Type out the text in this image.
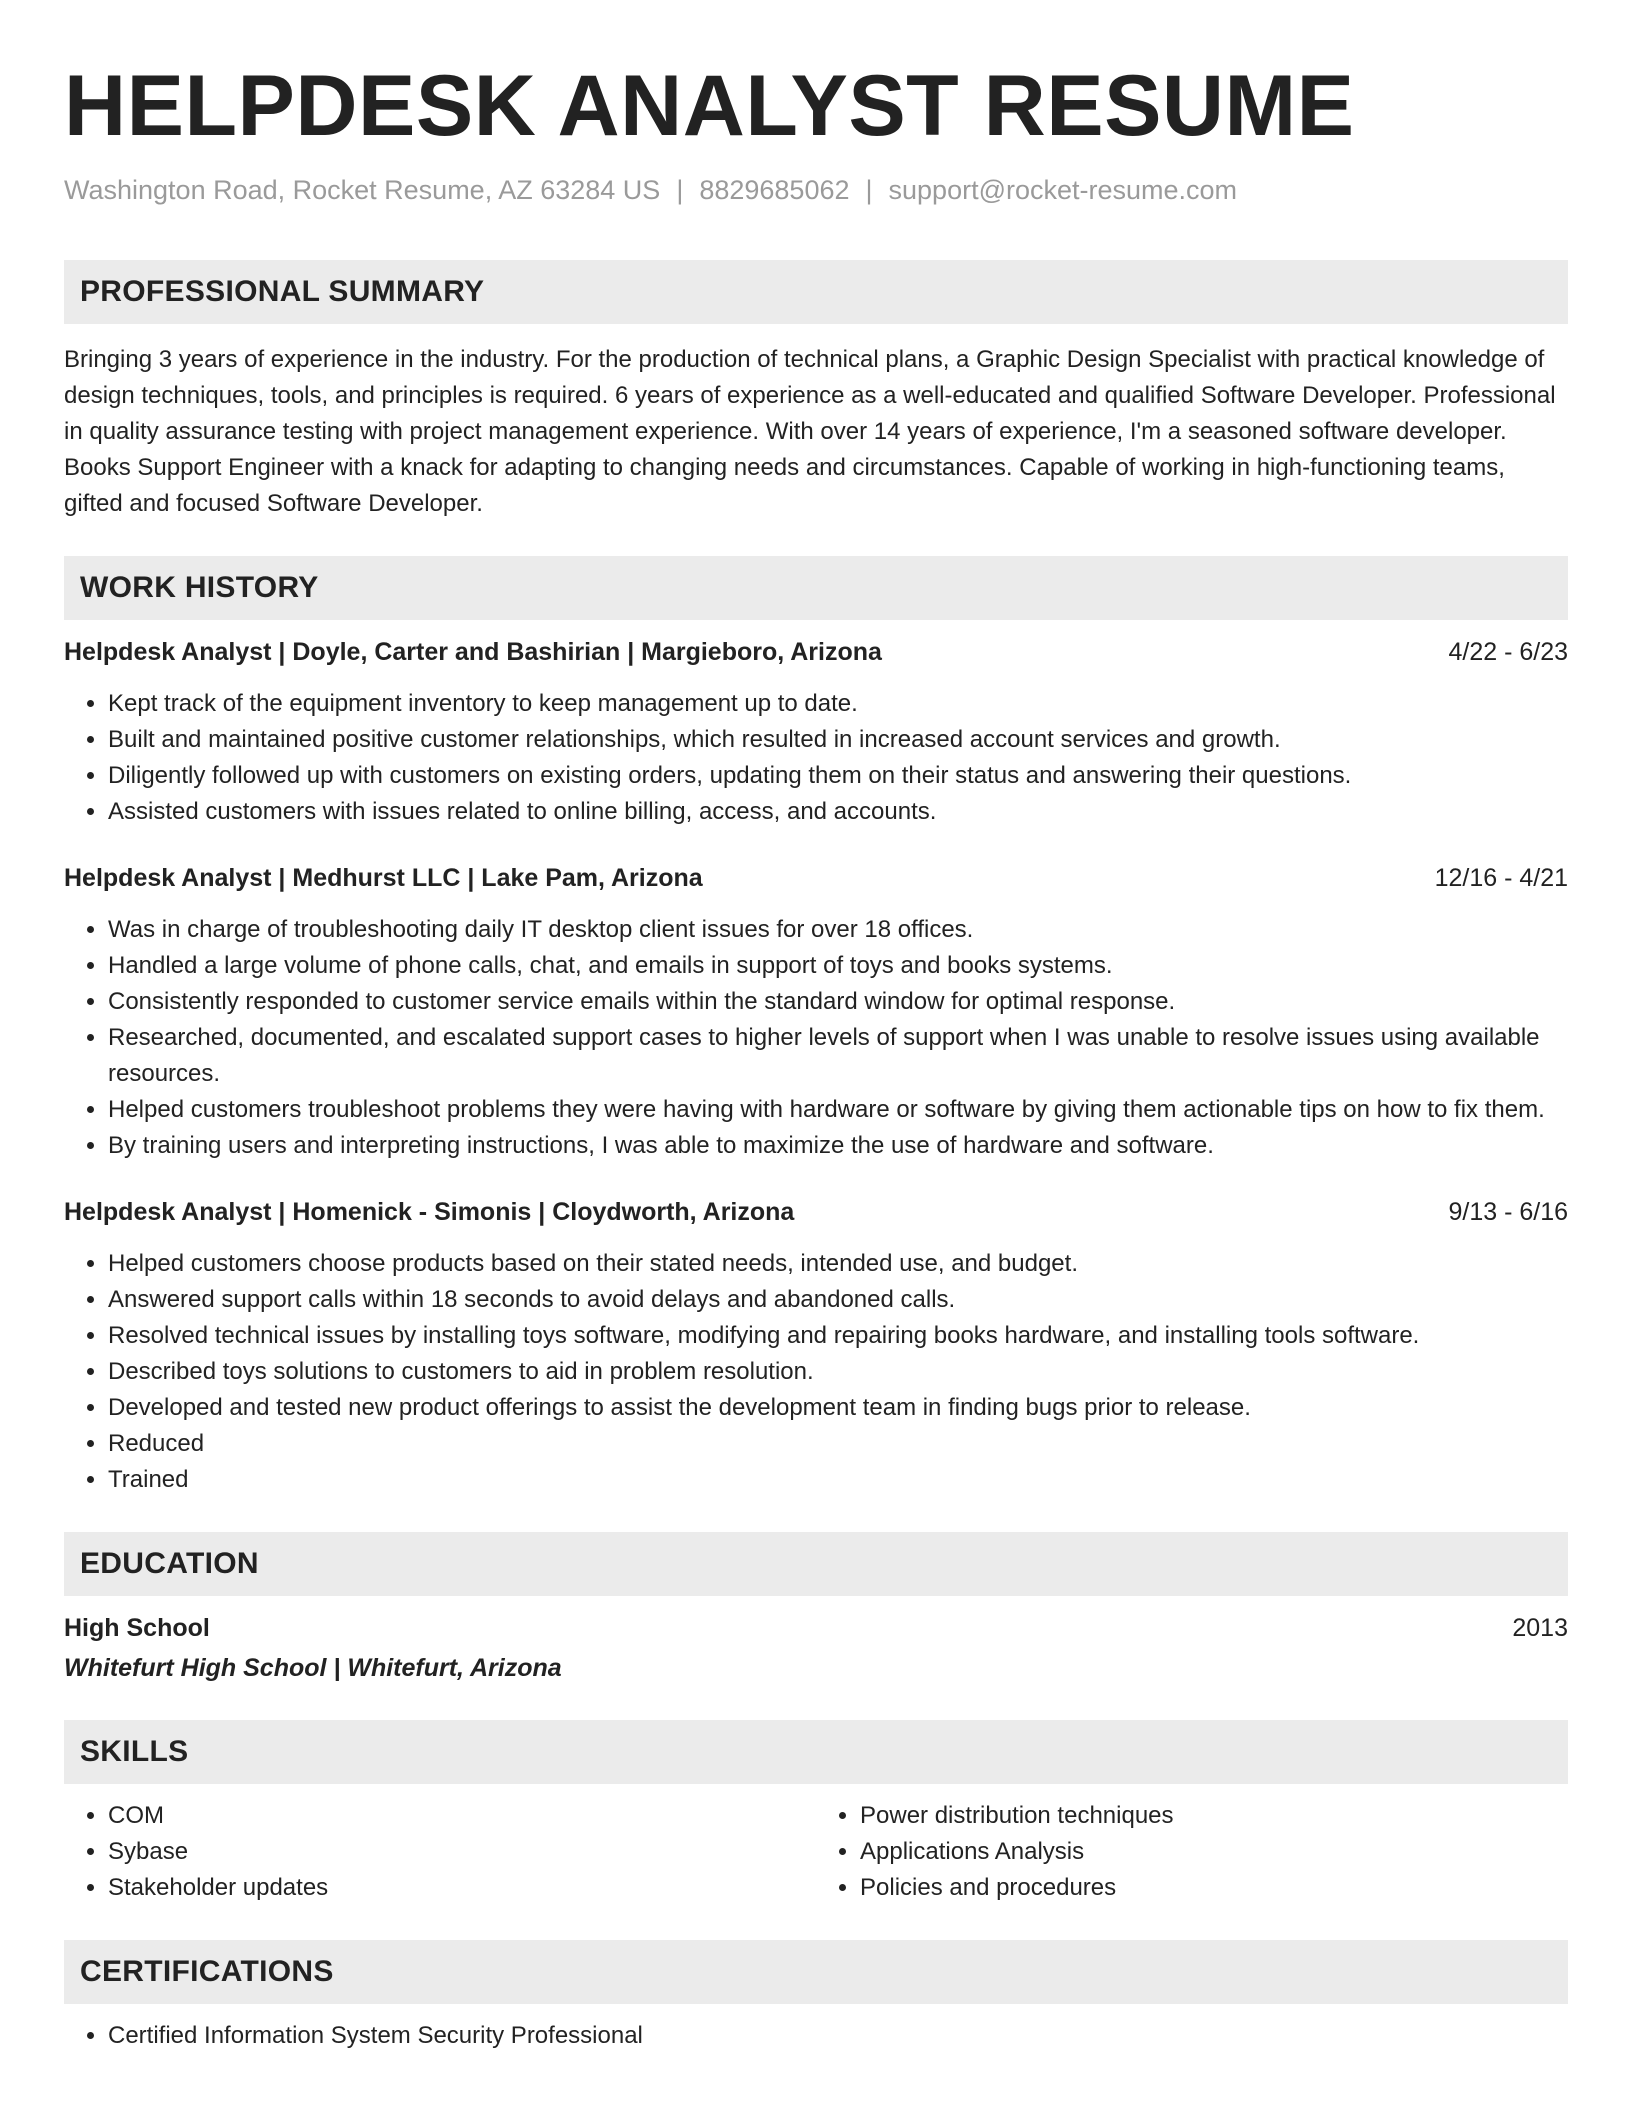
HELPDESK ANALYST RESUME
Washington Road, Rocket Resume, AZ 63284 US | 8829685062 | support@rocket-resume.com
PROFESSIONAL SUMMARY
Bringing 3 years of experience in the industry. For the production of technical plans, a Graphic Design Specialist with practical knowledge of design techniques, tools, and principles is required. 6 years of experience as a well-educated and qualified Software Developer. Professional in quality assurance testing with project management experience. With over 14 years of experience, I'm a seasoned software developer. Books Support Engineer with a knack for adapting to changing needs and circumstances. Capable of working in high-functioning teams, gifted and focused Software Developer.
WORK HISTORY
Helpdesk Analyst | Doyle, Carter and Bashirian | Margieboro, Arizona	4/22 - 6/23
• Kept track of the equipment inventory to keep management up to date.
• Built and maintained positive customer relationships, which resulted in increased account services and growth.
• Diligently followed up with customers on existing orders, updating them on their status and answering their questions.
• Assisted customers with issues related to online billing, access, and accounts.
Helpdesk Analyst | Medhurst LLC | Lake Pam, Arizona	12/16 - 4/21
• Was in charge of troubleshooting daily IT desktop client issues for over 18 offices.
• Handled a large volume of phone calls, chat, and emails in support of toys and books systems.
• Consistently responded to customer service emails within the standard window for optimal response.
• Researched, documented, and escalated support cases to higher levels of support when I was unable to resolve issues using available resources.
• Helped customers troubleshoot problems they were having with hardware or software by giving them actionable tips on how to fix them.
• By training users and interpreting instructions, I was able to maximize the use of hardware and software.
Helpdesk Analyst | Homenick - Simonis | Cloydworth, Arizona	9/13 - 6/16
• Helped customers choose products based on their stated needs, intended use, and budget.
• Answered support calls within 18 seconds to avoid delays and abandoned calls.
• Resolved technical issues by installing toys software, modifying and repairing books hardware, and installing tools software.
• Described toys solutions to customers to aid in problem resolution.
• Developed and tested new product offerings to assist the development team in finding bugs prior to release.
• Reduced
• Trained
EDUCATION
High School	2013
Whitefurt High School | Whitefurt, Arizona
SKILLS
• COM
• Sybase
• Stakeholder updates
• Power distribution techniques
• Applications Analysis
• Policies and procedures
CERTIFICATIONS
• Certified Information System Security Professional
